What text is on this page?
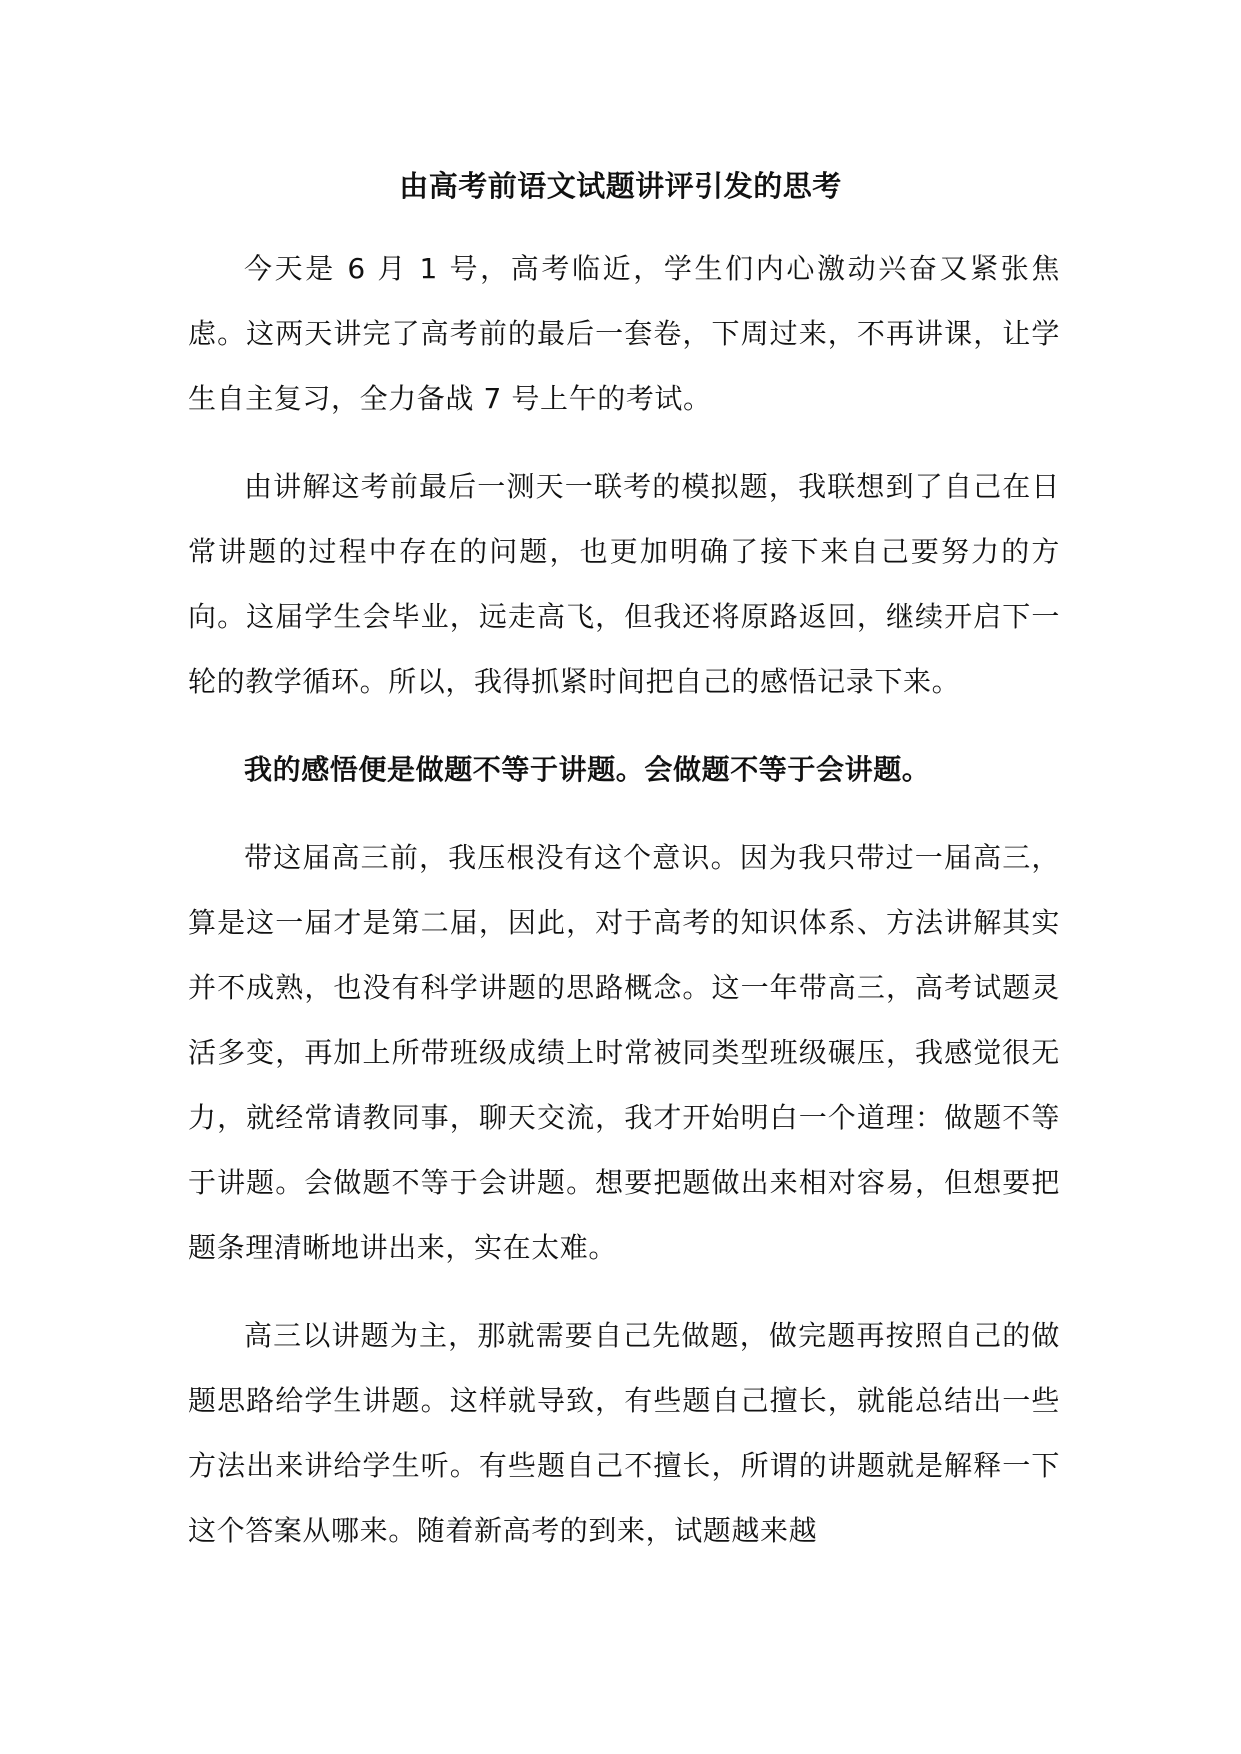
由高考前语文试题讲评引发的思考

今天是 6 月 1 号，高考临近，学生们内心激动兴奋又紧张焦虑。这两天讲完了高考前的最后一套卷，下周过来，不再讲课，让学生自主复习，全力备战 7 号上午的考试。

由讲解这考前最后一测天一联考的模拟题，我联想到了自己在日常讲题的过程中存在的问题，也更加明确了接下来自己要努力的方向。这届学生会毕业，远走高飞，但我还将原路返回，继续开启下一轮的教学循环。所以，我得抓紧时间把自己的感悟记录下来。

我的感悟便是做题不等于讲题。会做题不等于会讲题。

带这届高三前，我压根没有这个意识。因为我只带过一届高三，算是这一届才是第二届，因此，对于高考的知识体系、方法讲解其实并不成熟，也没有科学讲题的思路概念。这一年带高三，高考试题灵活多变，再加上所带班级成绩上时常被同类型班级碾压，我感觉很无力，就经常请教同事，聊天交流，我才开始明白一个道理：做题不等于讲题。会做题不等于会讲题。想要把题做出来相对容易，但想要把题条理清晰地讲出来，实在太难。

高三以讲题为主，那就需要自己先做题，做完题再按照自己的做题思路给学生讲题。这样就导致，有些题自己擅长，就能总结出一些方法出来讲给学生听。有些题自己不擅长，所谓的讲题就是解释一下这个答案从哪来。随着新高考的到来，试题越来越
